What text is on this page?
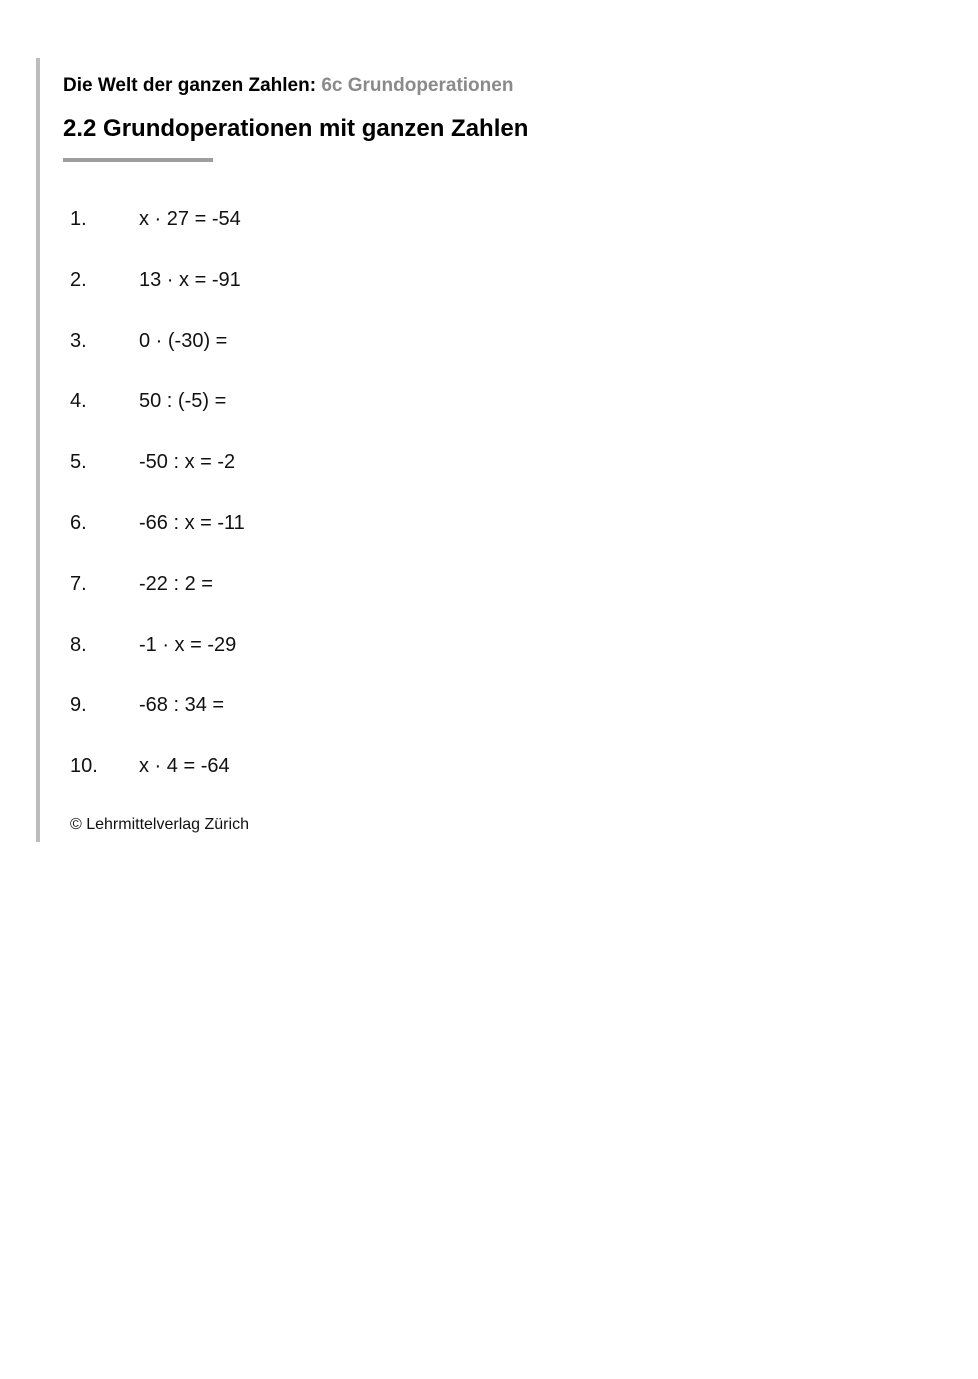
Die Welt der ganzen Zahlen: 6c Grundoperationen
2.2 Grundoperationen mit ganzen Zahlen
1.	x · 27 = -54
2.	13 · x = -91
3.	0 · (-30) =
4.	50 : (-5) =
5.	-50 : x = -2
6.	-66 : x = -11
7.	-22 : 2 =
8.	-1 · x = -29
9.	-68 : 34 =
10.	x · 4 = -64
© Lehrmittelverlag Zürich
